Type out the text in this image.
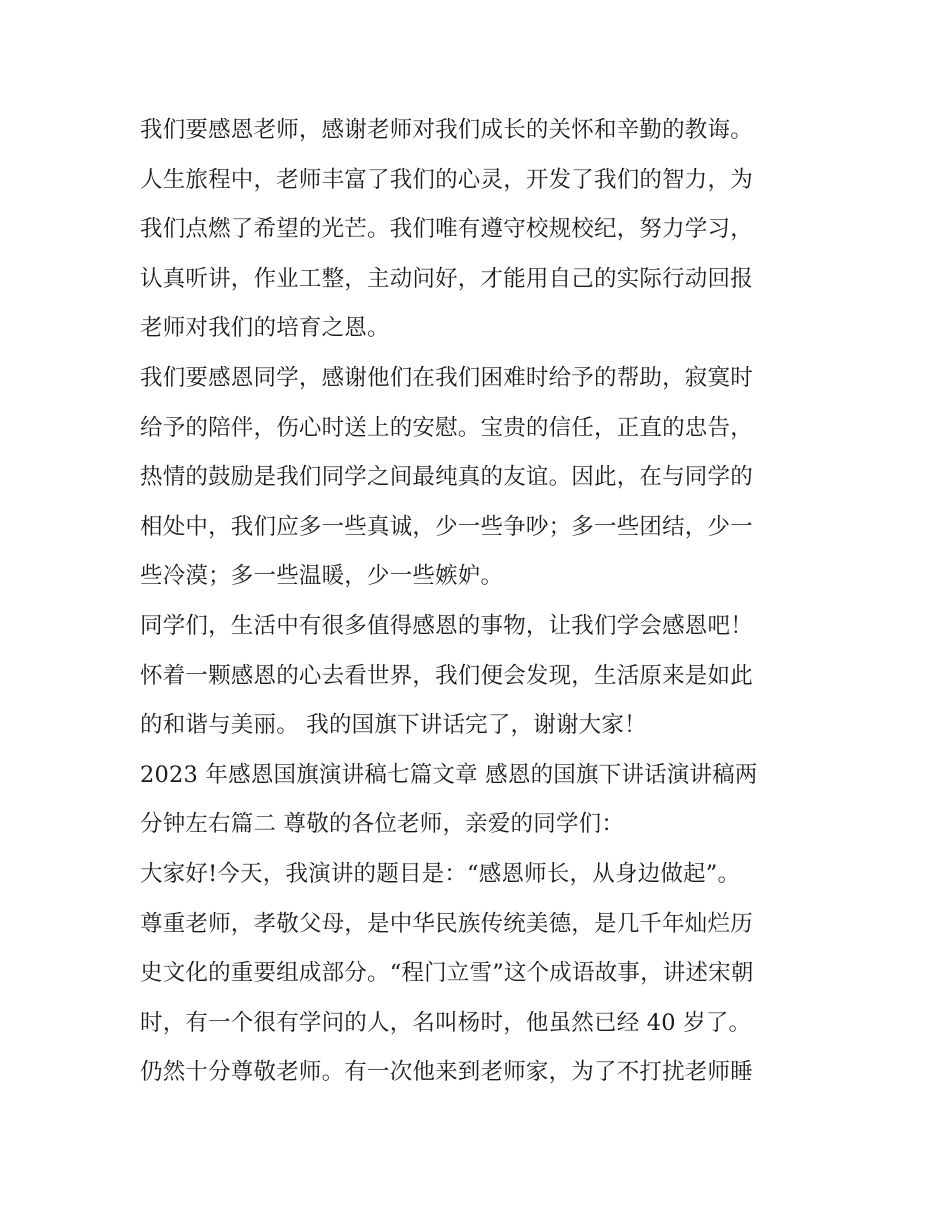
我们要感恩老师，感谢老师对我们成长的关怀和辛勤的教诲。
人生旅程中，老师丰富了我们的心灵，开发了我们的智力，为
我们点燃了希望的光芒。我们唯有遵守校规校纪，努力学习，
认真听讲，作业工整，主动问好，才能用自己的实际行动回报
老师对我们的培育之恩。
我们要感恩同学，感谢他们在我们困难时给予的帮助，寂寞时
给予的陪伴，伤心时送上的安慰。宝贵的信任，正直的忠告，
热情的鼓励是我们同学之间最纯真的友谊。因此，在与同学的
相处中，我们应多一些真诚，少一些争吵；多一些团结，少一
些冷漠；多一些温暖，少一些嫉妒。
同学们，生活中有很多值得感恩的事物，让我们学会感恩吧！
怀着一颗感恩的心去看世界，我们便会发现，生活原来是如此
的和谐与美丽。 我的国旗下讲话完了，谢谢大家！
2023 年感恩国旗演讲稿七篇文章 感恩的国旗下讲话演讲稿两
分钟左右篇二 尊敬的各位老师，亲爱的同学们：
大家好!今天，我演讲的题目是：“感恩师长，从身边做起”。
尊重老师，孝敬父母，是中华民族传统美德，是几千年灿烂历
史文化的重要组成部分。“程门立雪”这个成语故事，讲述宋朝
时，有一个很有学问的人，名叫杨时，他虽然已经 40 岁了。
仍然十分尊敬老师。有一次他来到老师家，为了不打扰老师睡
